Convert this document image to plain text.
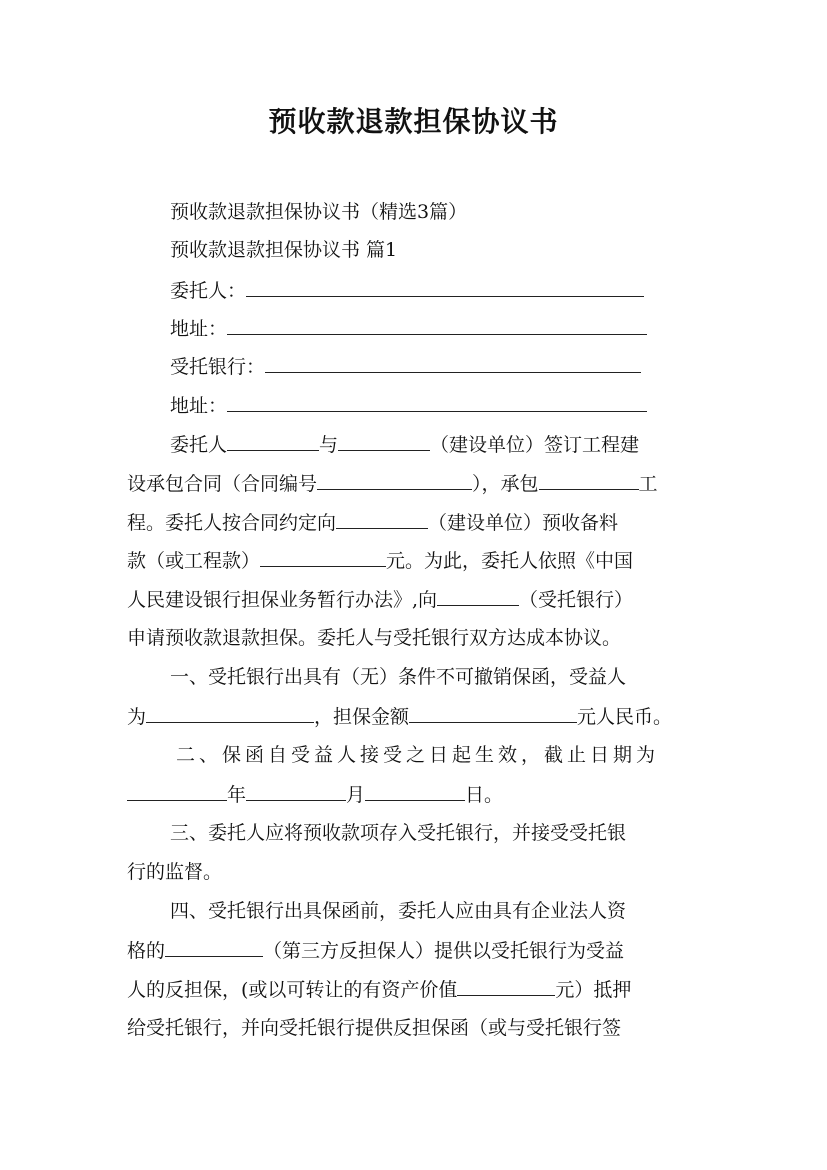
预收款退款担保协议书
预收款退款担保协议书（精选3篇）
预收款退款担保协议书 篇1
委托人：
地址：
受托银行：
地址：
委托人	与	（建设单位）签订工程建
设承包合同（合同编号	），承包	工
程。委托人按合同约定向	（建设单位）预收备料
款（或工程款）	元。为此，委托人依照《中国
人民建设银行担保业务暂行办法》,向	（受托银行）
申请预收款退款担保。委托人与受托银行双方达成本协议。
一、受托银行出具有（无）条件不可撤销保函，受益人
为	，担保金额	元人民币。
二、保函自受益人接受之日起生效，截止日期为
年	月	日。
三、委托人应将预收款项存入受托银行，并接受受托银
行的监督。
四、受托银行出具保函前，委托人应由具有企业法人资
格的	（第三方反担保人）提供以受托银行为受益
人的反担保，(或以可转让的有资产价值	元）抵押
给受托银行，并向受托银行提供反担保函（或与受托银行签
